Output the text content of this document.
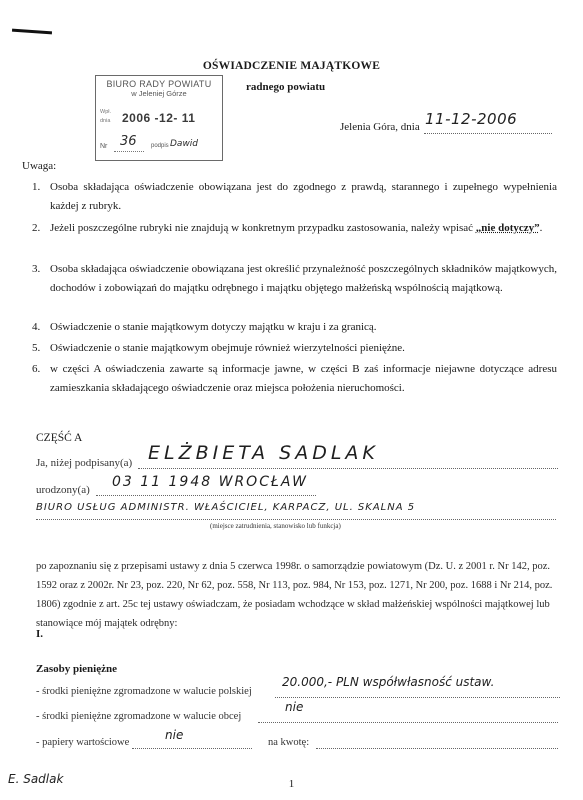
OŚWIADCZENIE MAJĄTKOWE
radnego powiatu
BIURO RADY POWIATU
w Jeleniej Górze
Wpł.
dnia 2006 -12- 11
Nr 36 podpis Dawid
Jelenia Góra, dnia 11-12-2006
Uwaga:
1. Osoba składająca oświadczenie obowiązana jest do zgodnego z prawdą, starannego i zupełnego wypełnienia każdej z rubryk.
2. Jeżeli poszczególne rubryki nie znajdują w konkretnym przypadku zastosowania, należy wpisać „nie dotyczy”.
3. Osoba składająca oświadczenie obowiązana jest określić przynależność poszczególnych składników majątkowych, dochodów i zobowiązań do majątku odrębnego i majątku objętego małżeńską wspólnością majątkową.
4. Oświadczenie o stanie majątkowym dotyczy majątku w kraju i za granicą.
5. Oświadczenie o stanie majątkowym obejmuje również wierzytelności pieniężne.
6. w części A oświadczenia zawarte są informacje jawne, w części B zaś informacje niejawne dotyczące adresu zamieszkania składającego oświadczenie oraz miejsca położenia nieruchomości.
CZĘŚĆ A
Ja, niżej podpisany(a) ELŻBIETA SADLAK
urodzony(a) 03 11 1948 WROCŁAW
BIURO USŁUG ADMINISTR. WŁAŚCICIEL, KARPACZ, UL. SKALNA 5
(miejsce zatrudnienia, stanowisko lub funkcja)
po zapoznaniu się z przepisami ustawy z dnia 5 czerwca 1998r. o samorządzie powiatowym (Dz. U. z 2001 r. Nr 142, poz. 1592 oraz z 2002r. Nr 23, poz. 220, Nr 62, poz. 558, Nr 113, poz. 984, Nr 153, poz. 1271, Nr 200, poz. 1688 i Nr 214, poz. 1806) zgodnie z art. 25c tej ustawy oświadczam, że posiadam wchodzące w skład małżeńskiej wspólności majątkowej lub stanowiące mój majątek odrębny:
I.
Zasoby pieniężne
- środki pieniężne zgromadzone w walucie polskiej
20.000,- PLN współwłasność ustaw.
- środki pieniężne zgromadzone w walucie obcej
nie
- papiery wartościowe
nie
na kwotę:
1
E. Sadlak
